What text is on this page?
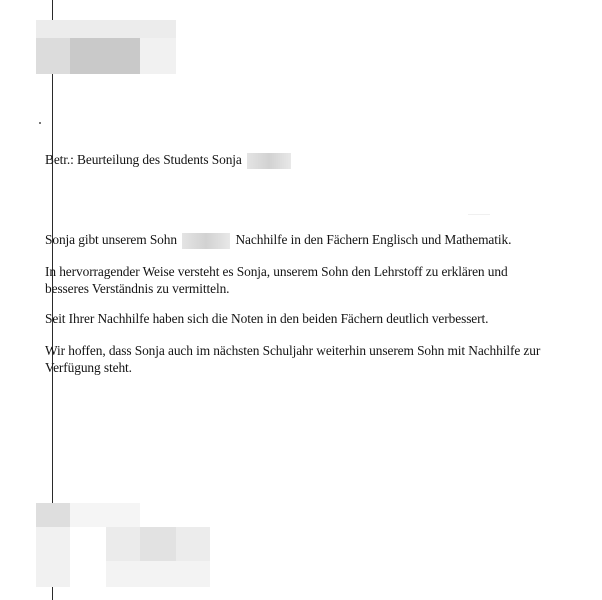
Betr.: Beurteilung des Students Sonja

Sonja gibt unserem Sohn	Nachhilfe in den Fächern Englisch und Mathematik.

In hervorragender Weise versteht es Sonja, unserem Sohn den Lehrstoff zu erklären und
besseres Verständnis zu vermitteln.

Seit Ihrer Nachhilfe haben sich die Noten in den beiden Fächern deutlich verbessert.

Wir hoffen, dass Sonja auch im nächsten Schuljahr weiterhin unserem Sohn mit Nachhilfe zur
Verfügung steht.
